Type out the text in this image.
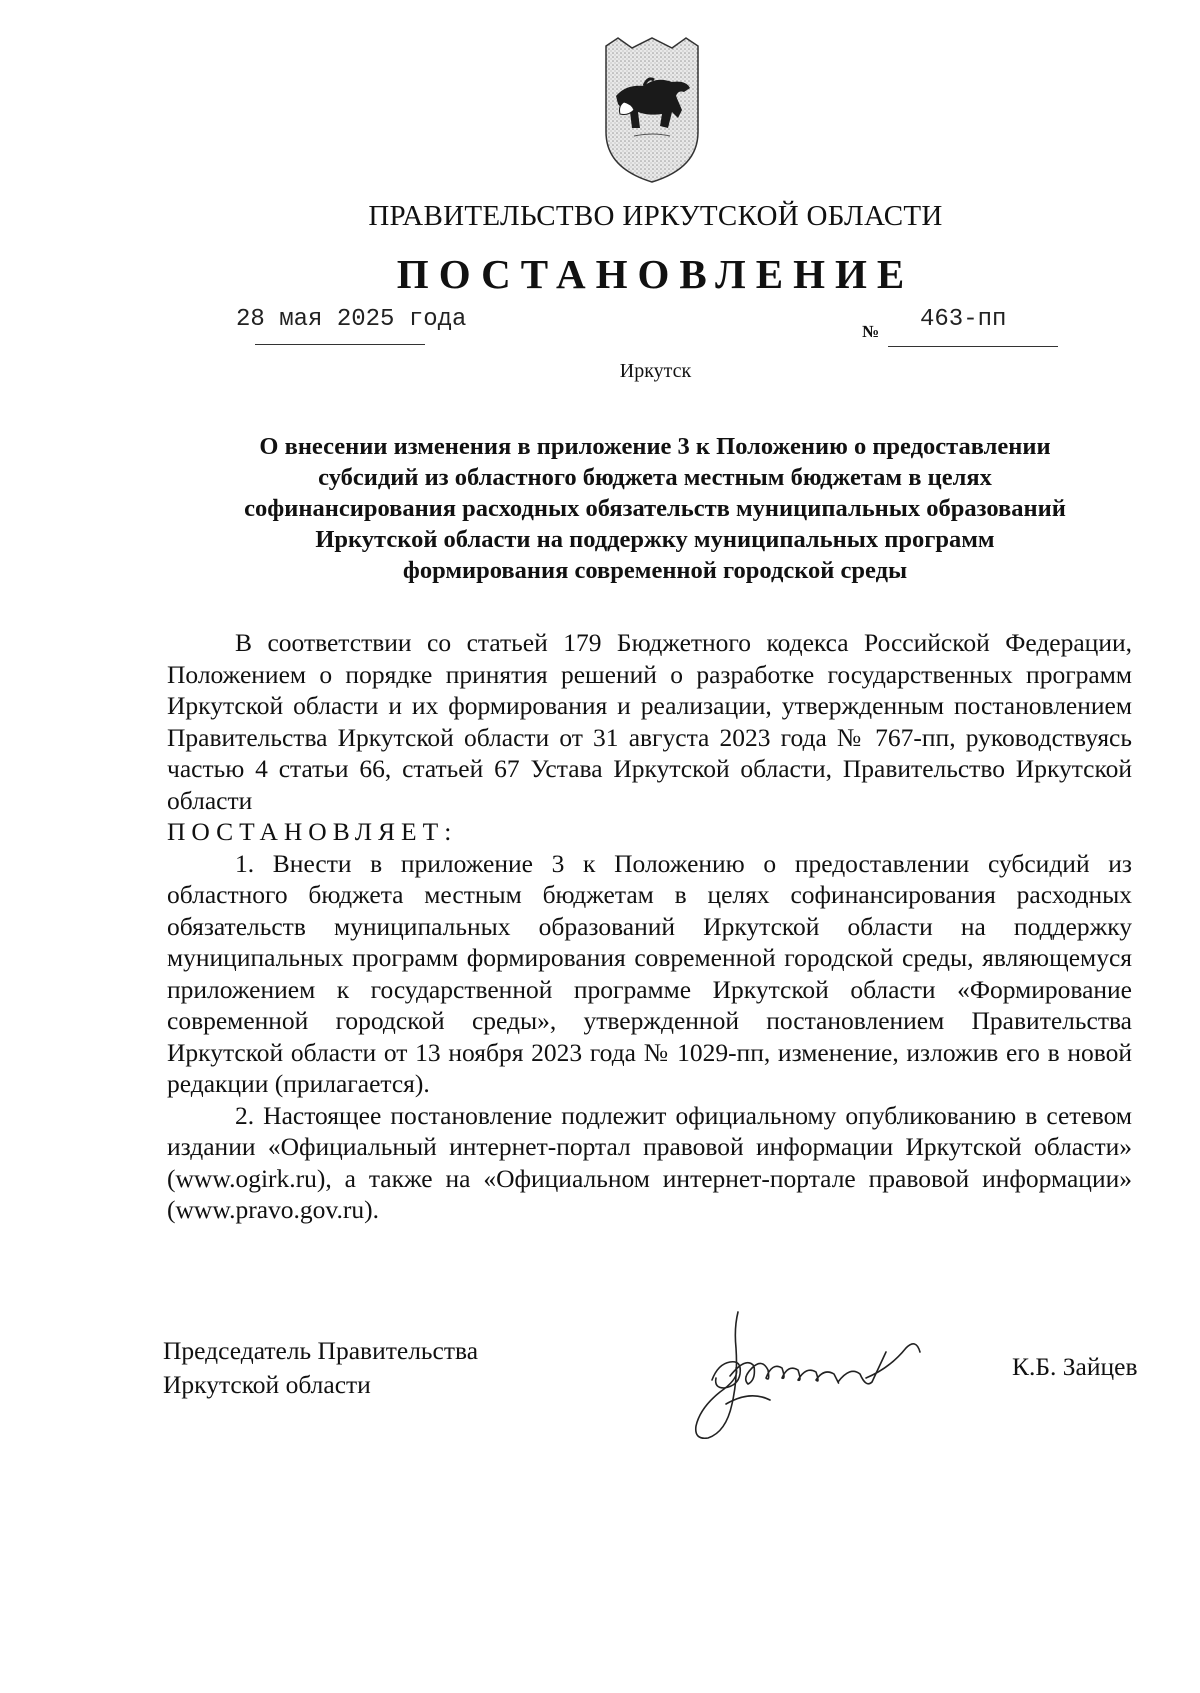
ПРАВИТЕЛЬСТВО ИРКУТСКОЙ ОБЛАСТИ
ПОСТАНОВЛЕНИЕ
28 мая 2025 года	№ 463-пп
Иркутск
О внесении изменения в приложение 3 к Положению о предоставлении
субсидий из областного бюджета местным бюджетам в целях
софинансирования расходных обязательств муниципальных образований
Иркутской области на поддержку муниципальных программ
формирования современной городской среды

В соответствии со статьей 179 Бюджетного кодекса Российской Федерации, Положением о порядке принятия решений о разработке государственных программ Иркутской области и их формирования и реализации, утвержденным постановлением Правительства Иркутской области от 31 августа 2023 года № 767-пп, руководствуясь частью 4 статьи 66, статьей 67 Устава Иркутской области, Правительство Иркутской области

ПОСТАНОВЛЯЕТ:

1. Внести в приложение 3 к Положению о предоставлении субсидий из областного бюджета местным бюджетам в целях софинансирования расходных обязательств муниципальных образований Иркутской области на поддержку муниципальных программ формирования современной городской среды, являющемуся приложением к государственной программе Иркутской области «Формирование современной городской среды», утвержденной постановлением Правительства Иркутской области от 13 ноября 2023 года № 1029-пп, изменение, изложив его в новой редакции (прилагается).

2. Настоящее постановление подлежит официальному опубликованию в сетевом издании «Официальный интернет-портал правовой информации Иркутской области» (www.ogirk.ru), а также на «Официальном интернет-портале правовой информации» (www.pravo.gov.ru).

Председатель Правительства
Иркутской области
К.Б. Зайцев
